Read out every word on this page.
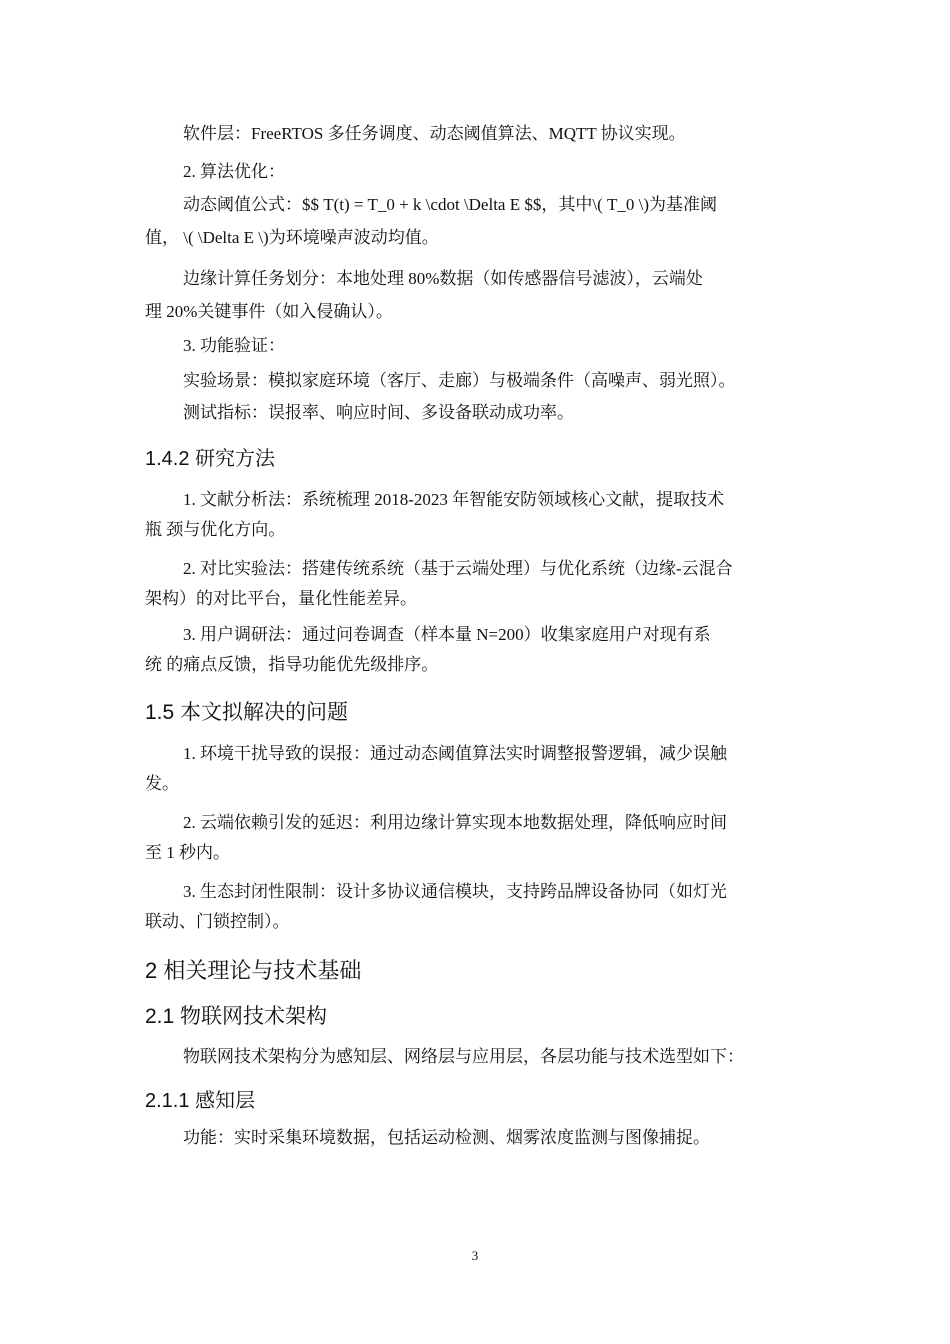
软件层：FreeRTOS 多任务调度、动态阈值算法、MQTT 协议实现。
2. 算法优化：
动态阈值公式：$$ T(t) = T_0 + k \cdot \Delta E $$，其中\( T_0 \)为基准阈
值， \( \Delta E \)为环境噪声波动均值。
边缘计算任务划分：本地处理 80%数据（如传感器信号滤波），云端处
理 20%关键事件（如入侵确认）。
3. 功能验证：
实验场景：模拟家庭环境（客厅、走廊）与极端条件（高噪声、弱光照）。
测试指标：误报率、响应时间、多设备联动成功率。
1.4.2 研究方法
1. 文献分析法：系统梳理 2018-2023 年智能安防领域核心文献，提取技术
瓶 颈与优化方向。
2. 对比实验法：搭建传统系统（基于云端处理）与优化系统（边缘-云混合
架构）的对比平台，量化性能差异。
3. 用户调研法：通过问卷调查（样本量 N=200）收集家庭用户对现有系
统 的痛点反馈，指导功能优先级排序。
1.5 本文拟解决的问题
1. 环境干扰导致的误报：通过动态阈值算法实时调整报警逻辑，减少误触
发。
2. 云端依赖引发的延迟：利用边缘计算实现本地数据处理，降低响应时间
至 1 秒内。
3. 生态封闭性限制：设计多协议通信模块，支持跨品牌设备协同（如灯光
联动、门锁控制）。
2 相关理论与技术基础
2.1 物联网技术架构
物联网技术架构分为感知层、网络层与应用层，各层功能与技术选型如下：
2.1.1 感知层
功能：实时采集环境数据，包括运动检测、烟雾浓度监测与图像捕捉。
3
